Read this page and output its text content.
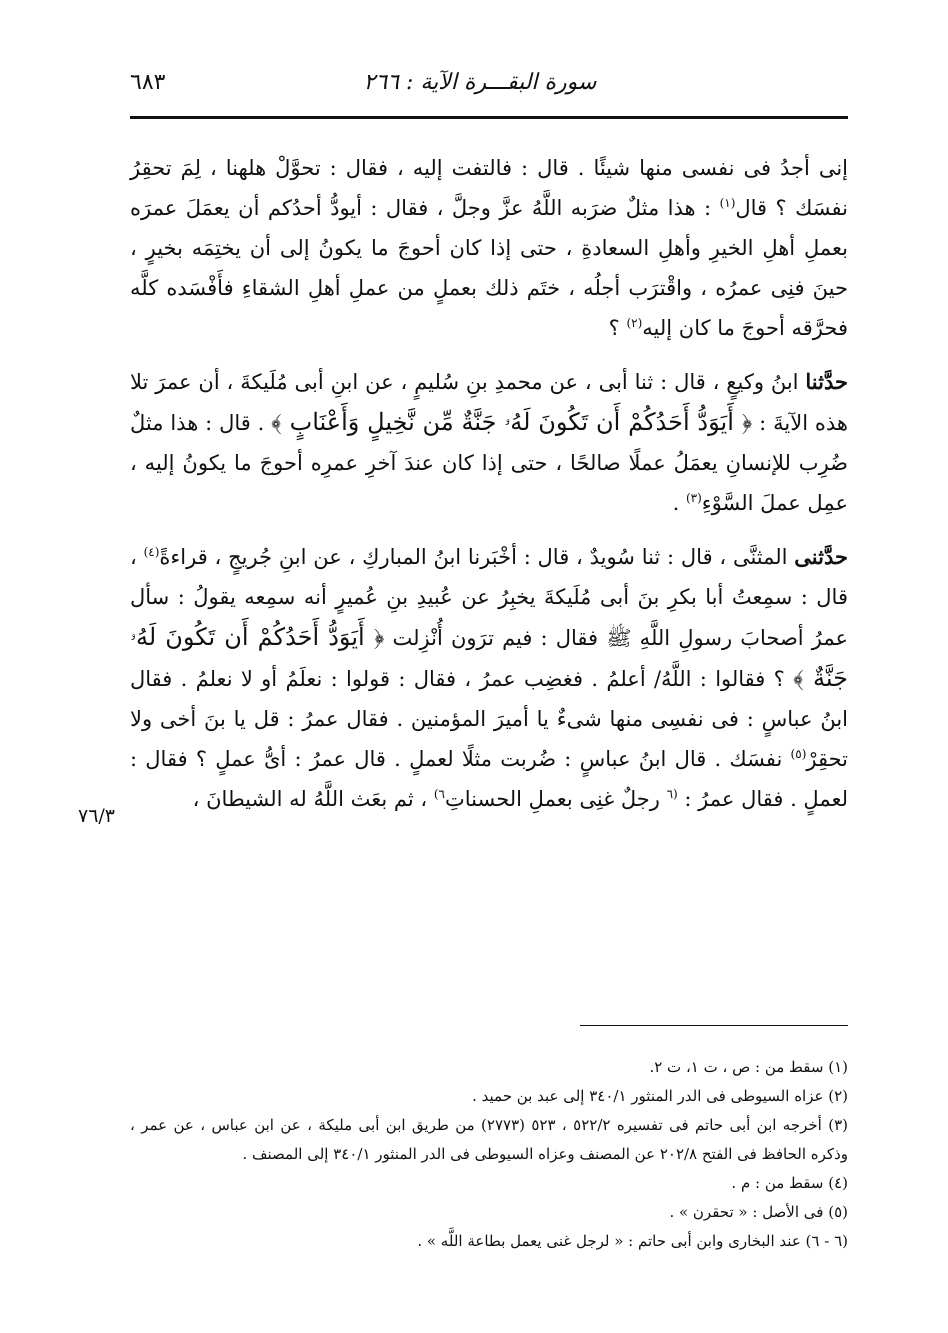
٦٨٣	سورة البقـــرة الآية : ٢٦٦

إنى أجدُ فى نفسى منها شيئًا . قال : فالتفت إليه ، فقال : تحوَّلْ هلهنا ، لِمَ تحقِرُ نفسَك ؟ قال$^{(١)}$ : هذا مثلٌ ضرَبه اللَّهُ عزَّ وجلَّ ، فقال : أيودُّ أحدُكم أن يعمَلَ عمرَه بعملِ أهلِ الخيرِ وأهلِ السعادةِ ، حتى إذا كان أحوجَ ما يكونُ إلى أن يختِمَه بخيرٍ ، حينَ فنِى عمرُه ، واقْترَب أجلُه ، ختَم ذلك بعملٍ من عملِ أهلِ الشقاءِ فأَفْسَده كلَّه فحرَّقه أحوجَ ما كان إليه$^{(٢)}$ ؟

حدَّثنا ابنُ وكيعٍ ، قال : ثنا أبى ، عن محمدِ بنِ سُليمٍ ، عن ابنِ أبى مُلَيكةَ ، أن عمرَ تلا هذه الآيةَ : ﴿ أَيَوَدُّ أَحَدُكُمْ أَن تَكُونَ لَهُۥ جَنَّةٌ مِّن نَّخِيلٍ وَأَعْنَابٍ ﴾ . قال : هذا مثلٌ ضُرِب للإنسانِ يعمَلُ عملًا صالحًا ، حتى إذا كان عندَ آخرِ عمرِه أحوجَ ما يكونُ إليه ، عمِل عملَ السَّوْءِ$^{(٣)}$ .

حدَّثنى المثنَّى ، قال : ثنا سُويدٌ ، قال : أخْبَرنا ابنُ المباركِ ، عن ابنِ جُريجٍ ، قراءةً$^{(٤)}$ ، قال : سمِعتُ أبا بكرِ بنَ أبى مُلَيكةَ يخبِرُ عن عُبيدِ بنِ عُميرٍ أنه سمِعه يقولُ : سأل عمرُ أصحابَ رسولِ اللَّهِ ﷺ فقال : فيم ترَون أُنْزِلت ﴿ أَيَوَدُّ أَحَدُكُمْ أَن تَكُونَ لَهُۥ جَنَّةٌ ﴾ ؟ فقالوا : اللَّهُ/ أعلمُ . فغضِب عمرُ ، فقال : قولوا : نعلَمُ أو لا نعلمُ . فقال ابنُ عباسٍ : فى نفسِى منها شىءٌ يا أميرَ المؤمنين . فقال عمرُ : قل يا بنَ أخى ولا تحقِرْ$^{(٥)}$ نفسَك . قال ابنُ عباسٍ : ضُربت مثلًا لعملٍ . قال عمرُ : أىُّ عملٍ ؟ فقال : لعملٍ . فقال عمرُ : $^{(٦}$ رجلٌ غنِى بعملِ الحسناتِ$^{٦)}$ ، ثم بعَث اللَّهُ له الشيطانَ ،

٧٦/٣
(١) سقط من : ص ، ت ١، ت ٢.
(٢) عزاه السيوطى فى الدر المنثور ٣٤٠/١ إلى عبد بن حميد .
(٣) أخرجه ابن أبى حاتم فى تفسيره ٥٢٢/٢ ، ٥٢٣ (٢٧٧٣) من طريق ابن أبى مليكة ، عن ابن عباس ، عن عمر ، وذكره الحافظ فى الفتح ٢٠٢/٨ عن المصنف وعزاه السيوطى فى الدر المنثور ٣٤٠/١ إلى المصنف .
(٤) سقط من : م .
(٥) فى الأصل : « تحقرن » .
(٦ - ٦) عند البخارى وابن أبى حاتم : « لرجل غنى يعمل بطاعة اللَّه » .
